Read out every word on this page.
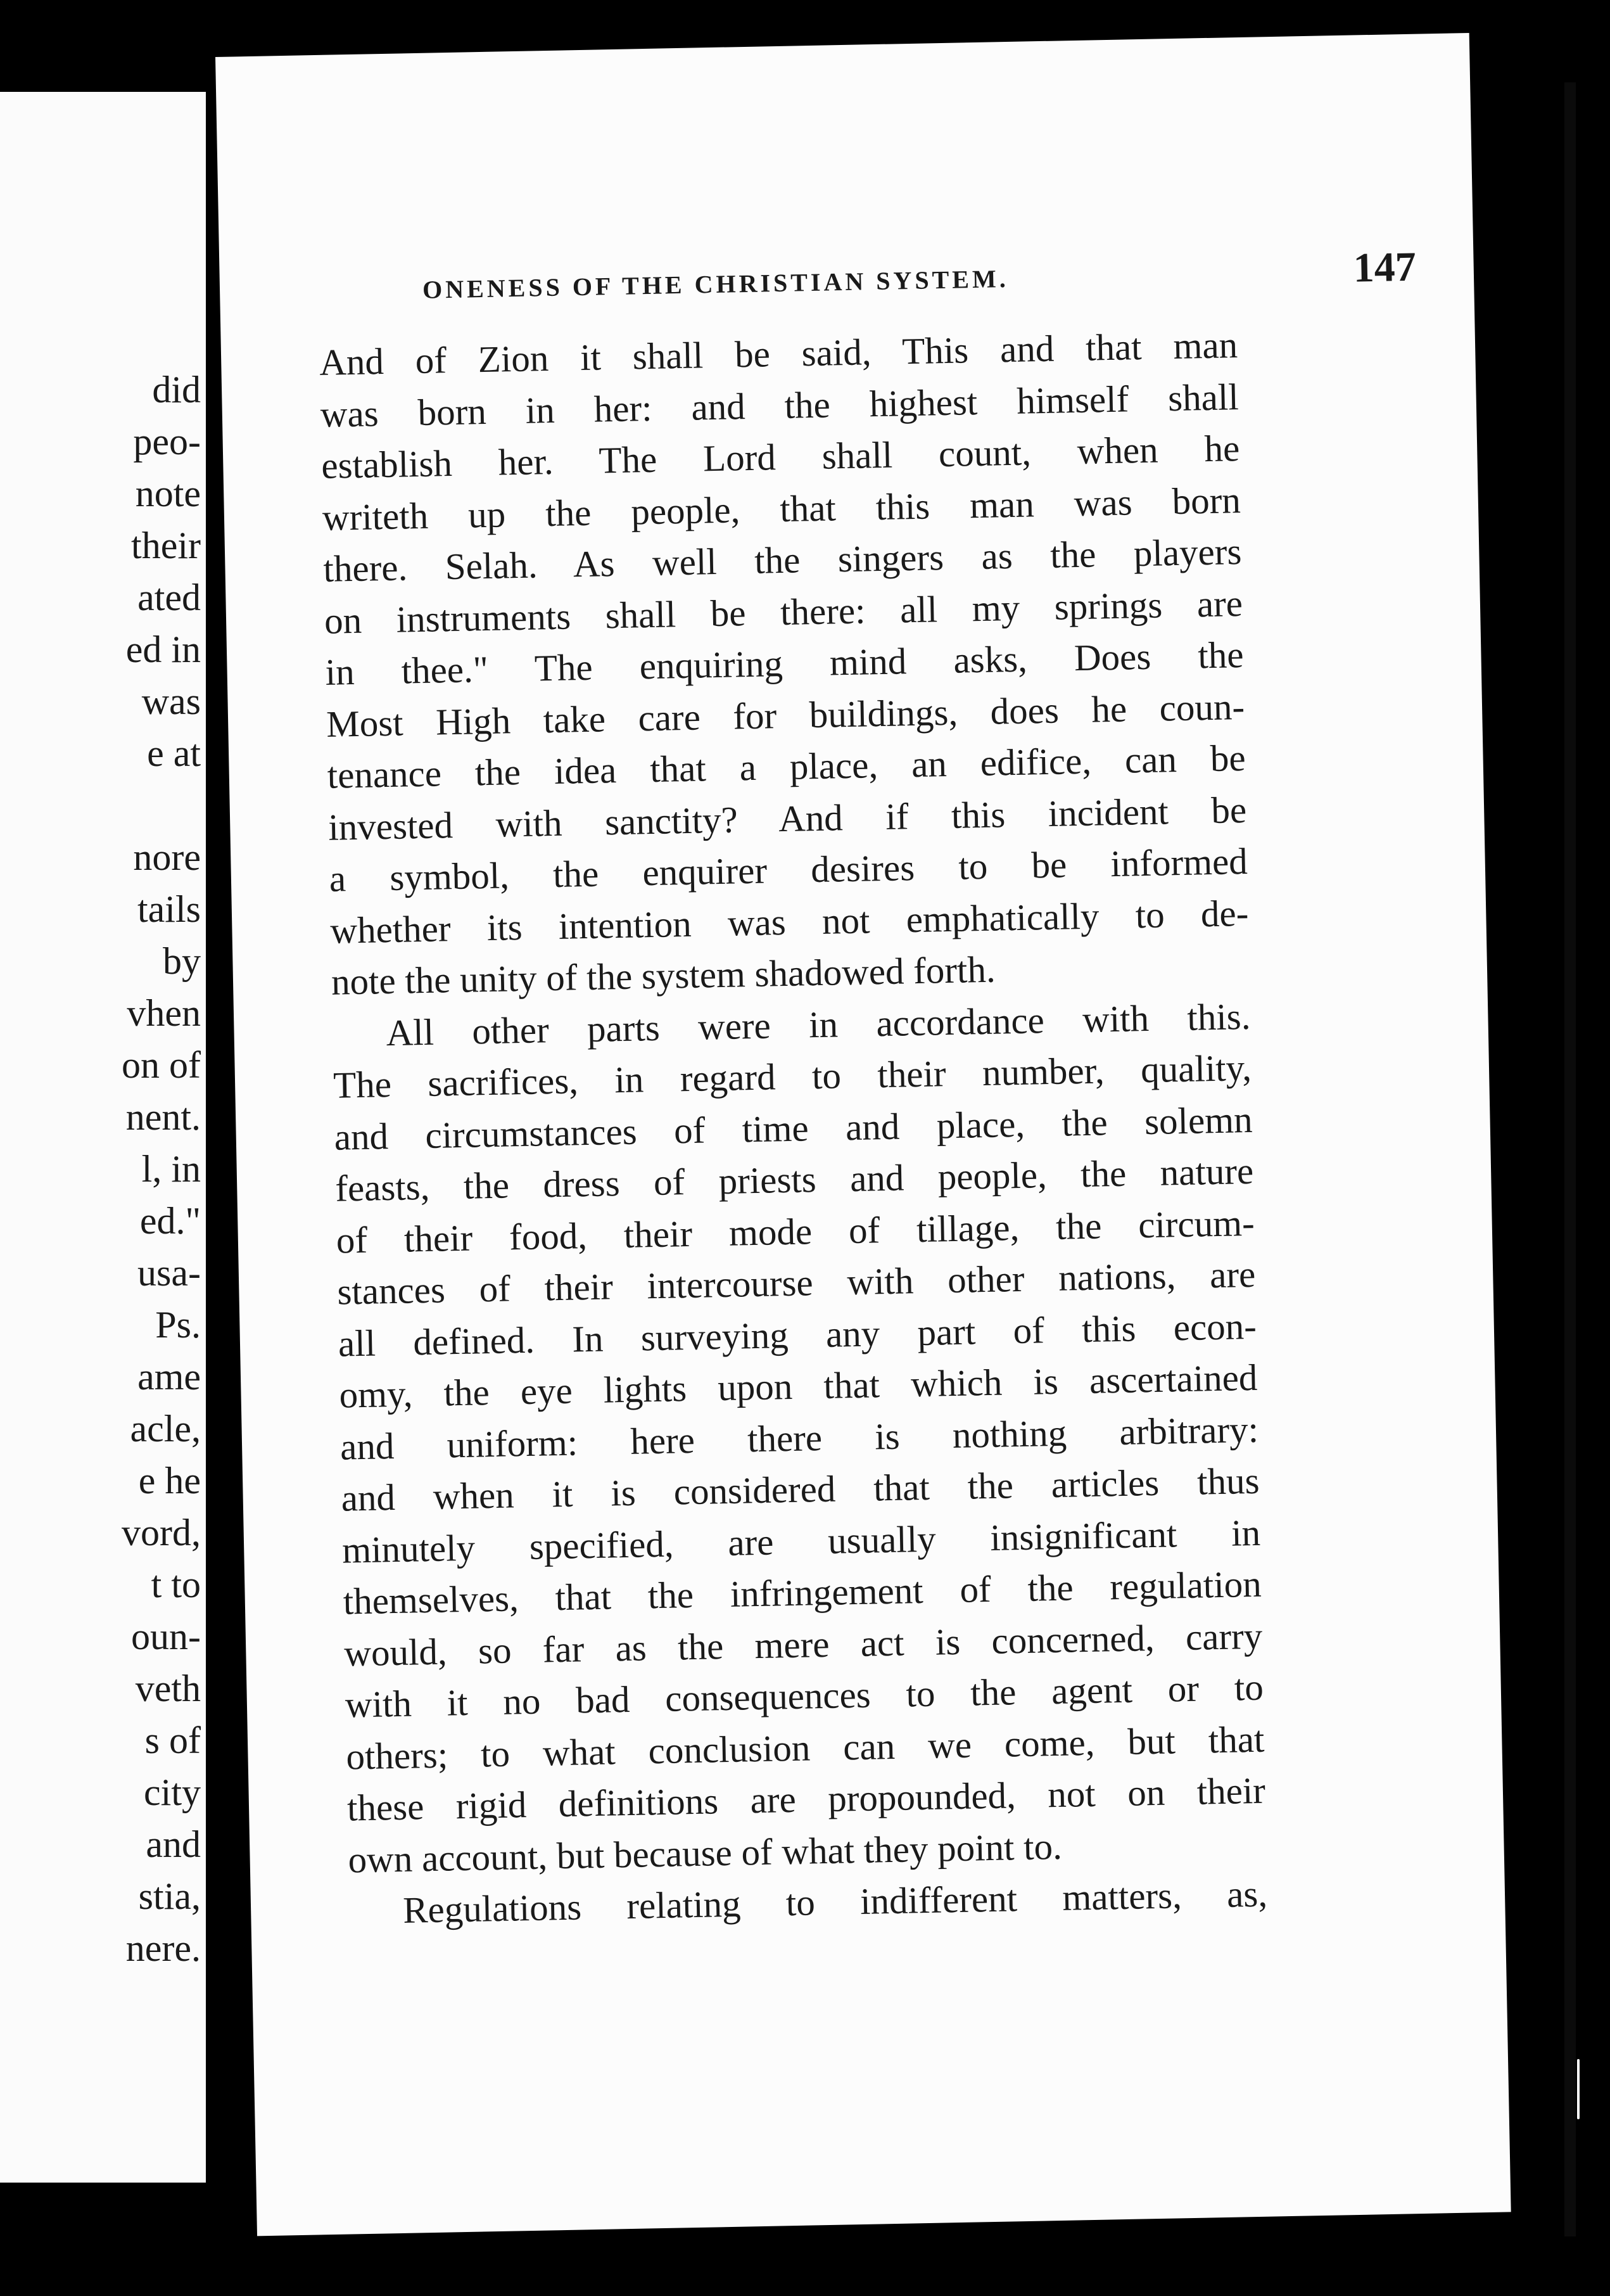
did
peo-
note
their
ated
ed in
was
e at
nore
tails
by
vhen
on of
nent.
l, in
ed."
usa-
Ps.
ame
acle,
e he
vord,
t to
oun-
veth
s of
city
and
stia,
nere.
ONENESS OF THE CHRISTIAN SYSTEM.	147
And of Zion it shall be said, This and that man
was born in her: and the highest himself shall
establish her. The Lord shall count, when he
writeth up the people, that this man was born
there. Selah. As well the singers as the players
on instruments shall be there: all my springs are
in thee." The enquiring mind asks, Does the
Most High take care for buildings, does he coun-
tenance the idea that a place, an edifice, can be
invested with sanctity? And if this incident be
a symbol, the enquirer desires to be informed
whether its intention was not emphatically to de-
note the unity of the system shadowed forth.
All other parts were in accordance with this.
The sacrifices, in regard to their number, quality,
and circumstances of time and place, the solemn
feasts, the dress of priests and people, the nature
of their food, their mode of tillage, the circum-
stances of their intercourse with other nations, are
all defined. In surveying any part of this econ-
omy, the eye lights upon that which is ascertained
and uniform: here there is nothing arbitrary:
and when it is considered that the articles thus
minutely specified, are usually insignificant in
themselves, that the infringement of the regulation
would, so far as the mere act is concerned, carry
with it no bad consequences to the agent or to
others; to what conclusion can we come, but that
these rigid definitions are propounded, not on their
own account, but because of what they point to.
Regulations relating to indifferent matters, as,
